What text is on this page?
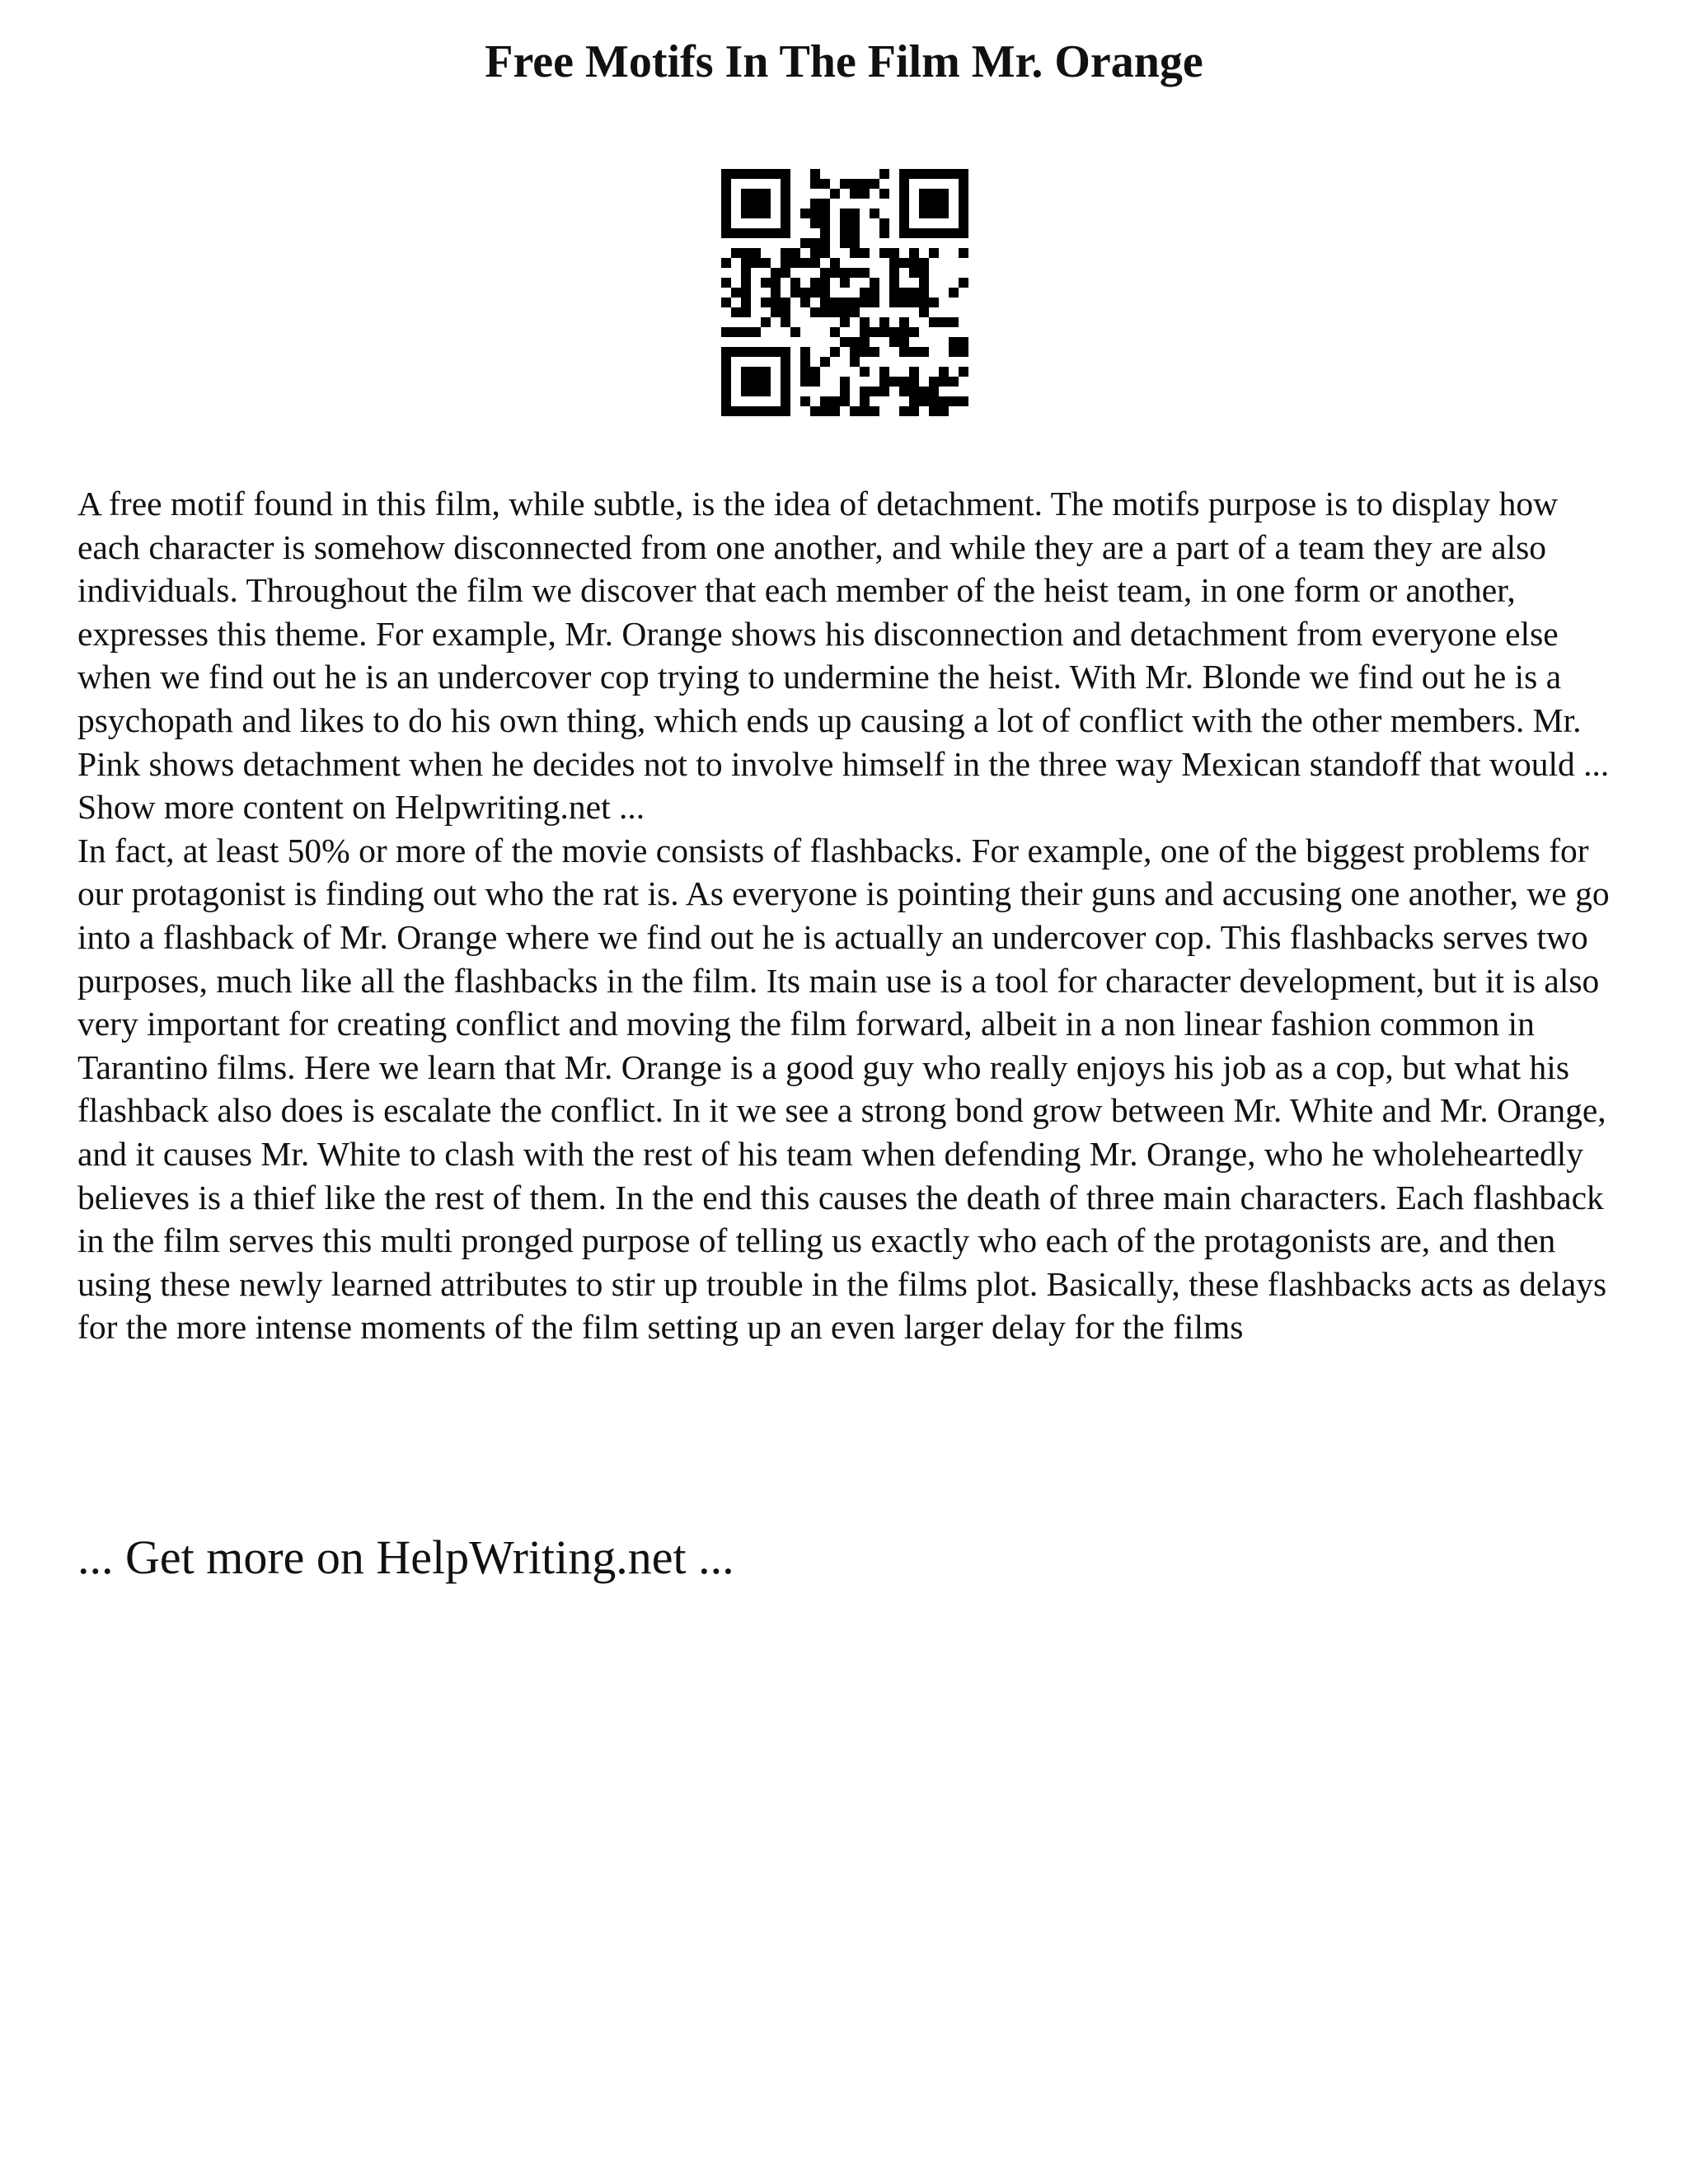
Free Motifs In The Film Mr. Orange

A free motif found in this film, while subtle, is the idea of detachment. The motifs purpose is to display how each character is somehow disconnected from one another, and while they are a part of a team they are also individuals. Throughout the film we discover that each member of the heist team, in one form or another, expresses this theme. For example, Mr. Orange shows his disconnection and detachment from everyone else when we find out he is an undercover cop trying to undermine the heist. With Mr. Blonde we find out he is a psychopath and likes to do his own thing, which ends up causing a lot of conflict with the other members. Mr. Pink shows detachment when he decides not to involve himself in the three way Mexican standoff that would ... Show more content on Helpwriting.net ...

In fact, at least 50% or more of the movie consists of flashbacks. For example, one of the biggest problems for our protagonist is finding out who the rat is. As everyone is pointing their guns and accusing one another, we go into a flashback of Mr. Orange where we find out he is actually an undercover cop. This flashbacks serves two purposes, much like all the flashbacks in the film. Its main use is a tool for character development, but it is also very important for creating conflict and moving the film forward, albeit in a non linear fashion common in Tarantino films. Here we learn that Mr. Orange is a good guy who really enjoys his job as a cop, but what his flashback also does is escalate the conflict. In it we see a strong bond grow between Mr. White and Mr. Orange, and it causes Mr. White to clash with the rest of his team when defending Mr. Orange, who he wholeheartedly believes is a thief like the rest of them. In the end this causes the death of three main characters. Each flashback in the film serves this multi pronged purpose of telling us exactly who each of the protagonists are, and then using these newly learned attributes to stir up trouble in the films plot. Basically, these flashbacks acts as delays for the more intense moments of the film setting up an even larger delay for the films

... Get more on HelpWriting.net ...
